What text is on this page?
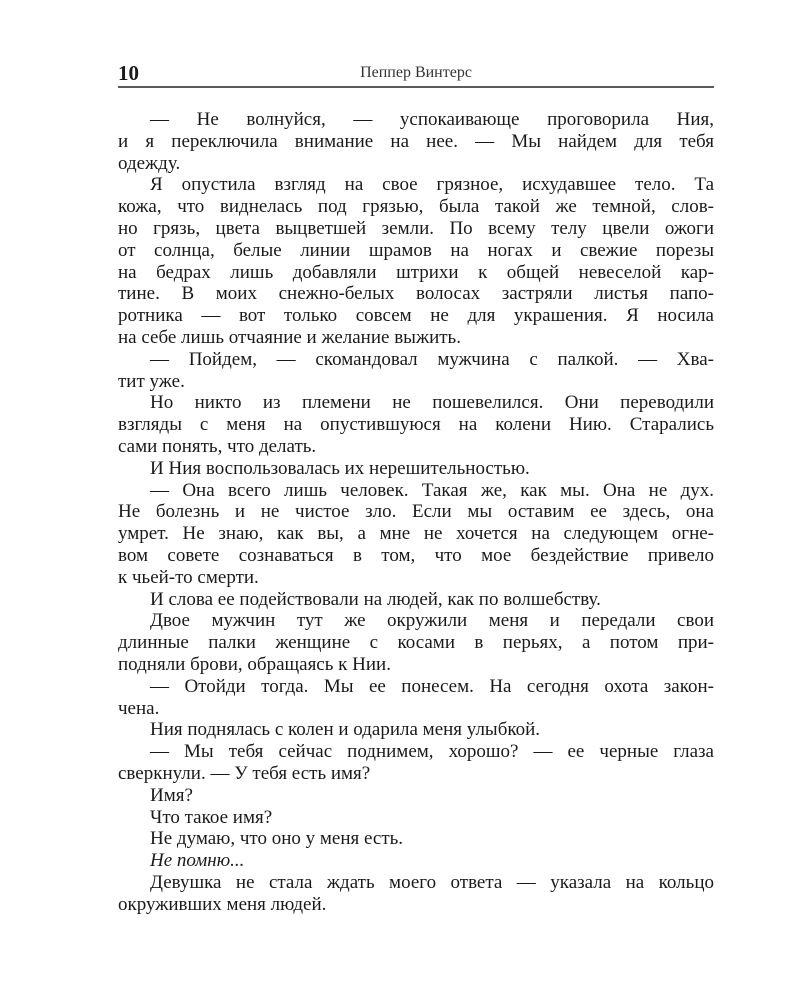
10	Пеппер Винтерс
— Не волнуйся, — успокаивающе проговорила Ния,
и я переключила внимание на нее. — Мы найдем для тебя
одежду.
Я опустила взгляд на свое грязное, исхудавшее тело. Та
кожа, что виднелась под грязью, была такой же темной, слов-
но грязь, цвета выцветшей земли. По всему телу цвели ожоги
от солнца, белые линии шрамов на ногах и свежие порезы
на бедрах лишь добавляли штрихи к общей невеселой кар-
тине. В моих снежно-белых волосах застряли листья папо-
ротника — вот только совсем не для украшения. Я носила
на себе лишь отчаяние и желание выжить.
— Пойдем, — скомандовал мужчина с палкой. — Хва-
тит уже.
Но никто из племени не пошевелился. Они переводили
взгляды с меня на опустившуюся на колени Нию. Старались
сами понять, что делать.
И Ния воспользовалась их нерешительностью.
— Она всего лишь человек. Такая же, как мы. Она не дух.
Не болезнь и не чистое зло. Если мы оставим ее здесь, она
умрет. Не знаю, как вы, а мне не хочется на следующем огне-
вом совете сознаваться в том, что мое бездействие привело
к чьей-то смерти.
И слова ее подействовали на людей, как по волшебству.
Двое мужчин тут же окружили меня и передали свои
длинные палки женщине с косами в перьях, а потом при-
подняли брови, обращаясь к Нии.
— Отойди тогда. Мы ее понесем. На сегодня охота закон-
чена.
Ния поднялась с колен и одарила меня улыбкой.
— Мы тебя сейчас поднимем, хорошо? — ее черные глаза
сверкнули. — У тебя есть имя?
Имя?
Что такое имя?
Не думаю, что оно у меня есть.
Не помню...
Девушка не стала ждать моего ответа — указала на кольцо
окруживших меня людей.
